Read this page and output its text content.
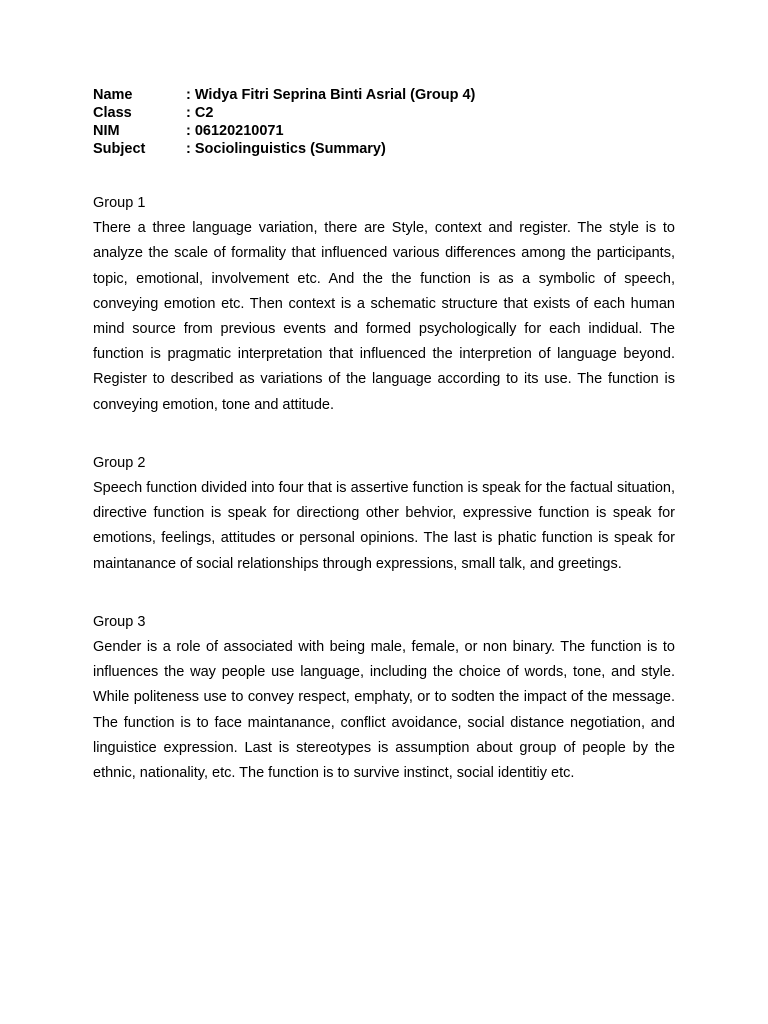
Name	: Widya Fitri Seprina Binti Asrial (Group 4)
Class	: C2
NIM	: 06120210071
Subject	: Sociolinguistics (Summary)

Group 1

There a three language variation, there are Style, context and register. The style is to analyze the scale of formality that influenced various differences among the participants, topic, emotional, involvement etc. And the the function is as a symbolic of speech, conveying emotion etc. Then context is a schematic structure that exists of each human mind source from previous events and formed psychologically for each indidual. The function is pragmatic interpretation that influenced the interpretion of language beyond. Register to described as variations of the language according to its use. The function is conveying emotion, tone and attitude.

Group 2

Speech function divided into four that is assertive function is speak for the factual situation, directive function is speak for directiong other behvior, expressive function is speak for emotions, feelings, attitudes or personal opinions. The last is phatic function is speak for maintanance of social relationships through expressions, small talk, and greetings.

Group 3

Gender is a role of associated with being male, female, or non binary. The function is to influences the way people use language, including the choice of words, tone, and style. While politeness use to convey respect, emphaty, or to sodten the impact of the message. The function is to face maintanance, conflict avoidance, social distance negotiation, and linguistice expression. Last is stereotypes is assumption about group of people by the ethnic, nationality, etc. The function is to survive instinct, social identitiy etc.
